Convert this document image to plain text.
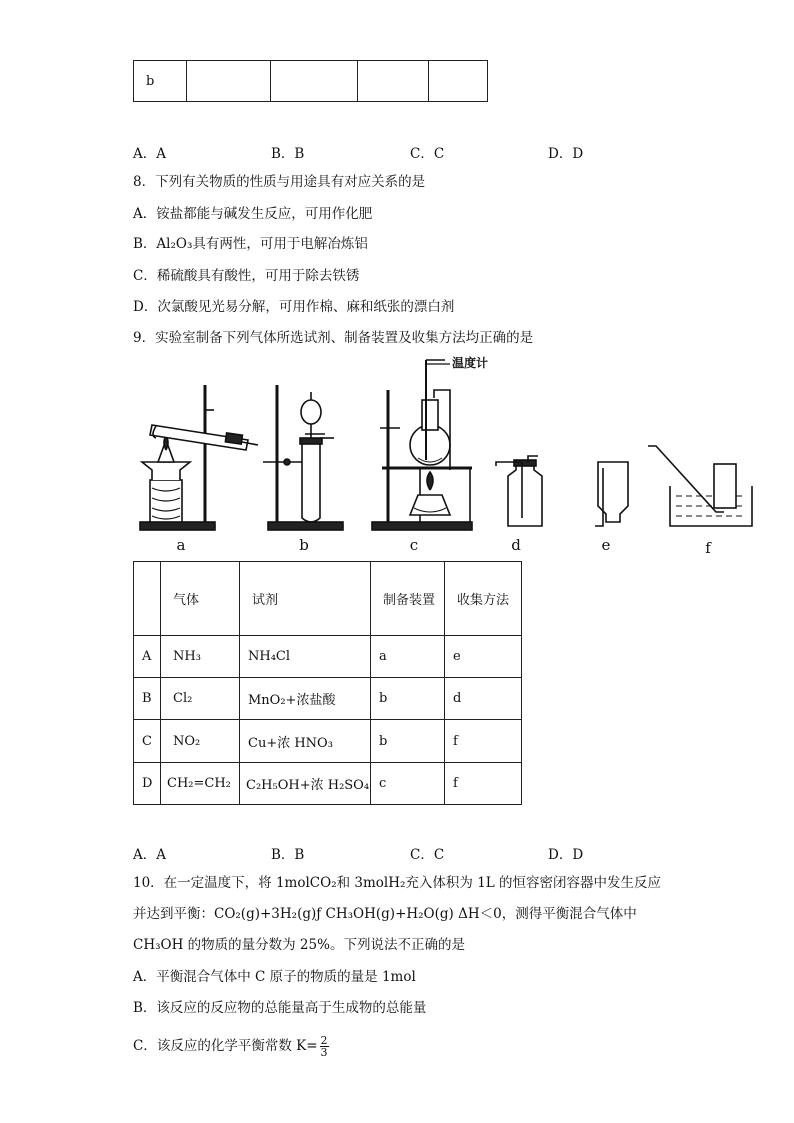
b				
A．A	B．B	C．C	D．D
8．下列有关物质的性质与用途具有对应关系的是
A．铵盐都能与碱发生反应，可用作化肥
B．Al₂O₃具有两性，可用于电解冶炼铝
C．稀硫酸具有酸性，可用于除去铁锈
D．次氯酸见光易分解，可用作棉、麻和纸张的漂白剂
9．实验室制备下列气体所选试剂、制备装置及收集方法均正确的是
温度计
a	b	c	d	e	f
	气体	试剂	制备装置	收集方法
A	NH₃	NH₄Cl	a	e
B	Cl₂	MnO₂+浓盐酸	b	d
C	NO₂	Cu+浓 HNO₃	b	f
D	CH₂=CH₂	C₂H₅OH+浓 H₂SO₄	c	f
A．A	B．B	C．C	D．D
10．在一定温度下，将 1molCO₂和 3molH₂充入体积为 1L 的恒容密闭容器中发生反应
并达到平衡：CO₂(g)+3H₂(g)ƒ CH₃OH(g)+H₂O(g) ΔH＜0，测得平衡混合气体中
CH₃OH 的物质的量分数为 25%。下列说法不正确的是
A．平衡混合气体中 C 原子的物质的量是 1mol
B．该反应的反应物的总能量高于生成物的总能量
C．该反应的化学平衡常数 $K= \frac{2}{3}$
